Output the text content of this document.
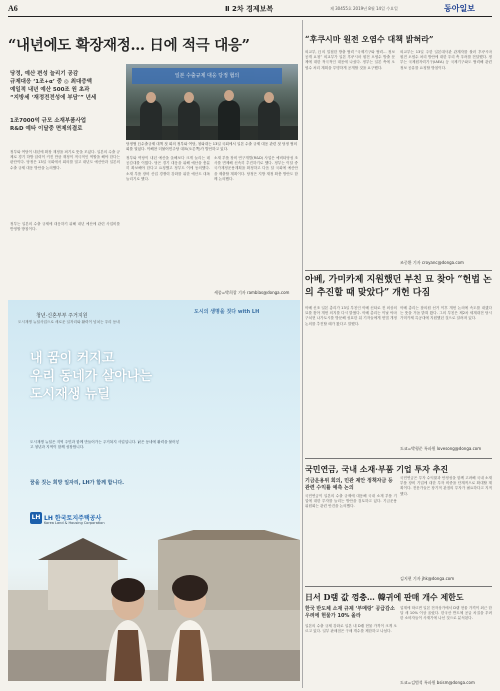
A6	Ⅱ 2차 경제보복	제 30455호 2019년 8월 14일 수요일	동아일보
“내년에도 확장재정… 日에 적극 대응”
당정, 예산 편성 늘리기 공감
규제대응 ‘1조+α’ 중 ◎ 최대증액
예일적 내년 예산 500조 원 초과
“지방세 ‘재정전전성에 부담’” 년세
1조7000억 규모 소재부품사업
R&D 예타 이달중 면제의결로
일본 수출규제 대응 당정 협의
당정협 日수출규제 대책 첫 회의 정부와 여당, 청와대는 13일 국회에서 일본 수출 규제 대응 관련 첫 당정 협의회를 열었다. 이해찬 더불어민주당 대표(오른쪽)가 발언하고 있다.
정부와 여당이 내년에 확장 재정을 펴기로 뜻을 모았다. 일본의 수출 규제로 경기 하방 압력이 커진 만큼 재정이 적극적인 역할을 해야 한다는 판단이다. 당정은 13일 국회에서 회의를 열고 내년도 예산안과 일본의 수출 규제 대응 방안을 논의했다.
정부와 여당이 내년 예산을 올해보다 크게 늘리는 데 공감대를 이뤘다. 당은 경기 대응을 위해 예산을 충분히 확보해야 한다고 요청했고 정부도 이에 동의했다. 소재 부품 장비 산업 경쟁력 강화를 위한 예산도 대폭 늘리기로 했다.
소재 부품 장비 연구개발(R&D) 사업은 예비타당성 조사를 면제해 신속히 추진하기로 했다. 정부는 이달 중 국가재정운용계획을 확정하고 다음 달 국회에 예산안을 제출할 계획이다. 당정은 지방 재정 확충 방안도 함께 논의했다.
정부는 일본의 수출 규제에 대응하기 위해 내년 예산에 관련 사업비를 반영할 방침이다.
세종=박희창 기자 ramblas@donga.com
청년·신혼부부 주거지원
도시재생 뉴딜사업으로 새로운 일자리와 활력이 넘치는 우리 동네
도시의 생명을 짓다 with LH
내 꿈이 커지고
우리 동네가 살아나는
도시재생 뉴딜
도시재생 뉴딜은 지역 주민과 함께 만들어가는 주거복지 사업입니다. 낡은 동네에 활력을 불어넣고 청년과 지역이 함께 성장합니다.
꿈을 짓는 희망 일자리, LH가 함께 합니다.
LH LH 한국토지주택공사
Korea Land & Housing Corporation
“후쿠시마 원전 오염수 대책 밝혀라”
외교부, 日의 밀접한 방출 협력 “국제기구와 협력… 정보공개 요청” 외교부가 일본 후쿠시마 원전 오염수 방출 문제에 대한 적극적인 대응에 나섰다. 정부는 일본 측에 오염수 처리 계획을 투명하게 공개할 것을 요구했다.
외교부는 13일 주한 일본대사관 관계자를 불러 후쿠시마 원전 오염수 처리 방안에 대한 우리 측 우려를 전달했다. 정부는 국제원자력기구(IAEA) 등 국제기구와도 협력해 관련 정보 공유를 요청할 방침이다.
조중환 기자 croyanc@donga.com
아베, 가미카제 지원했던 부친 묘 찾아 “헌법 논의 추진할 때 맞았다” 개헌 다짐
아베 신조 일본 총리가 13일 부친인 아베 신타로 전 외상의 묘를 찾아 개헌 의지를 다시 밝혔다. 아베 총리는 이날 야마구치현 나가토시를 방문해 성묘한 뒤 기자들에게 헌법 개정 논의를 추진할 때가 왔다고 말했다.
아베 총리는 참의원 선거 이후 개헌 논의에 속도를 내겠다는 뜻을 거듭 밝혀 왔다. 그의 부친은 제2차 세계대전 당시 가미카제 특공대에 지원했던 것으로 알려져 있다.
도쿄=박형준 특파원 lovesong@donga.com
국민연금, 국내 소재·부품 기업 투자 추진
기금운용위 회의, 민관 제안 정책자금 등 관련 수익률 예측 논의
국민연금이 일본의 수출 규제에 대응해 국내 소재 부품 기업에 대한 투자를 늘리는 방안을 검토하고 있다. 기금운용위원회는 관련 안건을 논의했다.
국민연금은 투자 수익률과 안정성을 함께 고려해 국내 소재 부품 장비 기업에 대한 투자 비중을 단계적으로 확대할 계획이다. 전문가들은 장기적 관점의 투자가 필요하다고 지적했다.
김지현 기자 jhk@donga.com
日서 D램 값 껑충… 韓귀에 판매 개수 제한도
한국 반도체 소재 규제 ‘부메랑’ 공급감소 우려에 현물가 10% 올라
일본의 수출 규제 강화로 일본 내 D램 현물 가격이 크게 오르고 있다. 일부 판매점은 구매 개수를 제한하고 나섰다.
업계에 따르면 일본 전자상가에서 D램 현물 가격이 최근 한 달 새 10% 이상 올랐다. 한국산 반도체 공급 차질을 우려한 소비자들이 사재기에 나선 것으로 분석된다.
도쿄=김범석 특파원 bsism@donga.com
